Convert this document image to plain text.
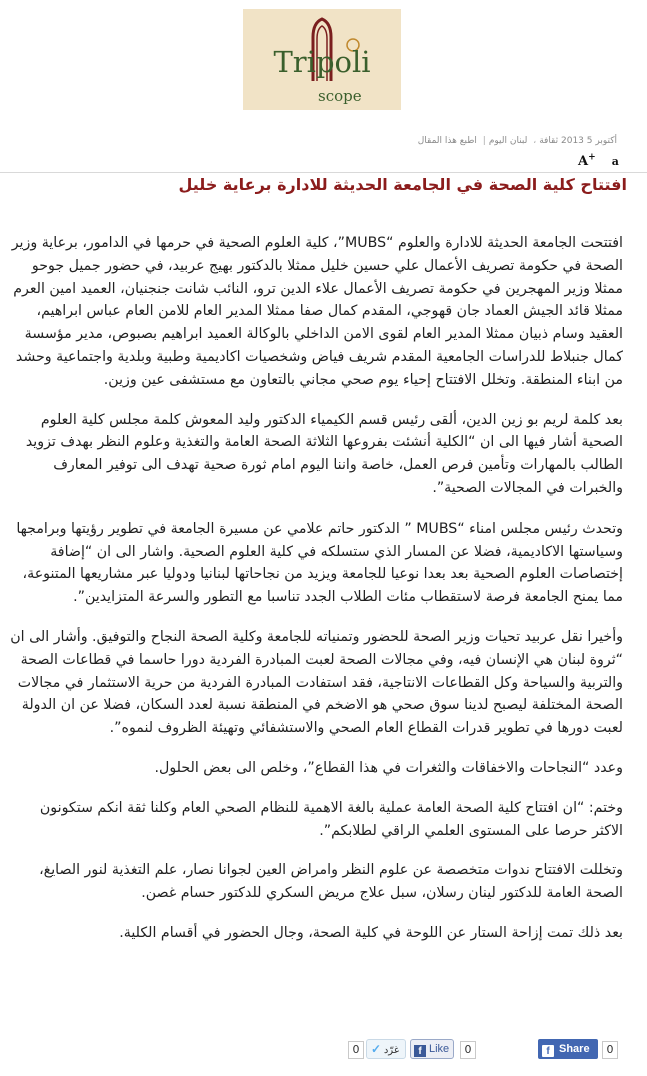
Tripoli
scope
أكتوبر 5 2013 ثقافة، لبنان اليوم| اطبع هذا المقال
A+ a
افتتاح كلية الصحة في الجامعة الحديثة للادارة برعاية خليل

افتتحت الجامعة الحديثة للادارة والعلوم “MUBS”، كلية العلوم الصحية في حرمها في الدامور، برعاية وزير الصحة في حكومة تصريف الأعمال علي حسين خليل ممثلا بالدكتور بهيج عربيد، في حضور جميل جوحو ممثلا وزير المهجرين في حكومة تصريف الأعمال علاء الدين ترو، النائب شانت جنجنيان، العميد امين العرم ممثلا قائد الجيش العماد جان قهوجي، المقدم كمال صفا ممثلا المدير العام للامن العام عباس ابراهيم، العقيد وسام ذبيان ممثلا المدير العام لقوى الامن الداخلي بالوكالة العميد ابراهيم بصبوص، مدير مؤسسة كمال جنبلاط للدراسات الجامعية المقدم شريف فياض وشخصيات اكاديمية وطبية وبلدية واجتماعية وحشد من ابناء المنطقة. وتخلل الافتتاح إحياء يوم صحي مجاني بالتعاون مع مستشفى عين وزين.

بعد كلمة لريم بو زين الدين، ألقى رئيس قسم الكيمياء الدكتور وليد المعوش كلمة مجلس كلية العلوم الصحية أشار فيها الى ان “الكلية أنشئت بفروعها الثلاثة الصحة العامة والتغذية وعلوم النظر بهدف تزويد الطالب بالمهارات وتأمين فرص العمل، خاصة واننا اليوم امام ثورة صحية تهدف الى توفير المعارف والخبرات في المجالات الصحية”.

وتحدث رئيس مجلس امناء “MUBS ” الدكتور حاتم علامي عن مسيرة الجامعة في تطوير رؤيتها وبرامجها وسياستها الاكاديمية، فضلا عن المسار الذي ستسلكه في كلية العلوم الصحية. واشار الى ان “إضافة إختصاصات العلوم الصحية بعد بعدا نوعيا للجامعة ويزيد من نجاحاتها لبنانيا ودوليا عبر مشاريعها المتنوعة، مما يمنح الجامعة فرصة لاستقطاب مئات الطلاب الجدد تناسبا مع التطور والسرعة المتزايدين”.

وأخيرا نقل عربيد تحيات وزير الصحة للحضور وتمنياته للجامعة وكلية الصحة النجاح والتوفيق. وأشار الى ان “ثروة لبنان هي الإنسان فيه، وفي مجالات الصحة لعبت المبادرة الفردية دورا حاسما في قطاعات الصحة والتربية والسياحة وكل القطاعات الانتاجية، فقد استفادت المبادرة الفردية من حرية الاستثمار في مجالات الصحة المختلفة ليصبح لدينا سوق صحي هو الاضخم في المنطقة نسبة لعدد السكان، فضلا عن ان الدولة لعبت دورها في تطوير قدرات القطاع العام الصحي والاستشفائي وتهيئة الظروف لنموه”.

وعدد “النجاحات والاخفاقات والثغرات في هذا القطاع”، وخلص الى بعض الحلول.

وختم: “ان افتتاح كلية الصحة العامة عملية بالغة الاهمية للنظام الصحي العام وكلنا ثقة انكم ستكونون الاكثر حرصا على المستوى العلمي الراقي لطلابكم”.

وتخللت الافتتاح ندوات متخصصة عن علوم النظر وامراض العين لجوانا نصار، علم التغذية لنور الصايغ، الصحة العامة للدكتور لينان رسلان، سبل علاج مريض السكري للدكتور حسام غصن.

بعد ذلك تمت إزاحة الستار عن اللوحة في كلية الصحة، وجال الحضور في أقسام الكلية.

0 ✓ غرّد	f Like	0	f Share	0
